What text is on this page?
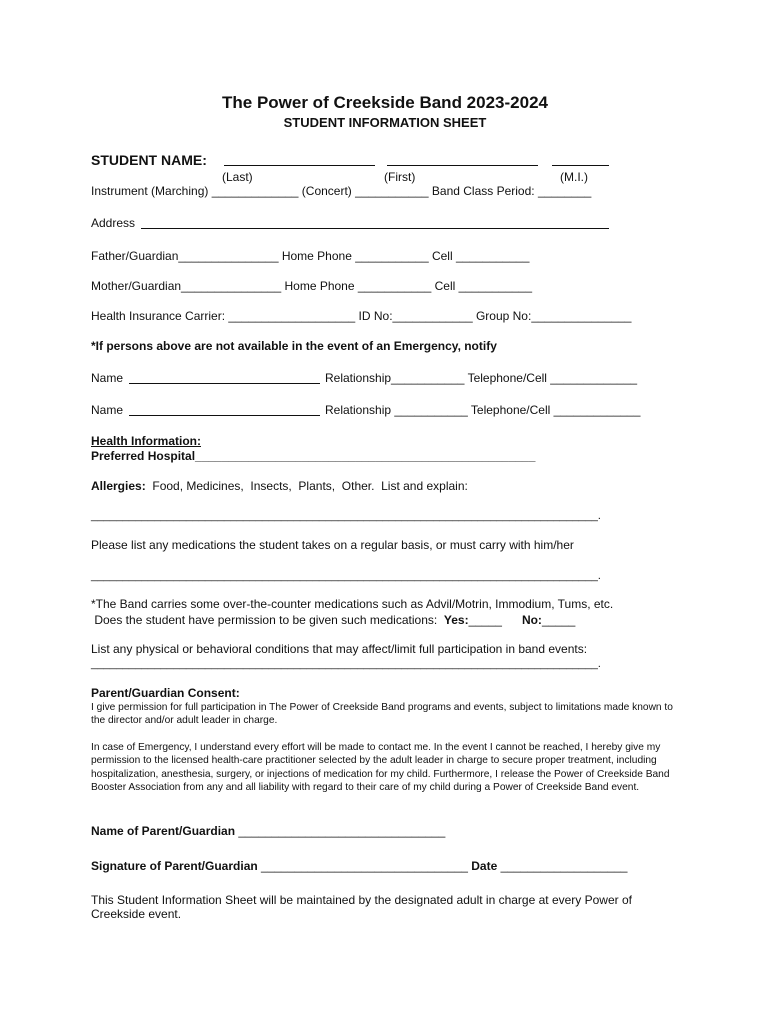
The Power of Creekside Band 2023-2024
STUDENT INFORMATION SHEET
STUDENT NAME:
(Last)	(First)	(M.I.)
Instrument (Marching) _____________ (Concert) ___________ Band Class Period: ________
Address
Father/Guardian_______________ Home Phone ___________ Cell ___________
Mother/Guardian_______________ Home Phone ___________ Cell ___________
Health Insurance Carrier: ___________________ ID No:____________ Group No:_______________
*If persons above are not available in the event of an Emergency, notify
Name	Relationship___________ Telephone/Cell _____________
Name	Relationship ___________ Telephone/Cell _____________
Health Information:
Preferred Hospital___________________________________________________
Allergies: Food, Medicines,  Insects,  Plants,  Other.  List and explain:
________________________________________________________________________________.
Please list any medications the student takes on a regular basis, or must carry with him/her
________________________________________________________________________________.
*The Band carries some over-the-counter medications such as Advil/Motrin, Immodium, Tums, etc.
Does the student have permission to be given such medications:  Yes:_____      No:_____
List any physical or behavioral conditions that may affect/limit full participation in band events:
________________________________________________________________________________.
Parent/Guardian Consent:
I give permission for full participation in The Power of Creekside Band programs and events, subject to limitations made known to the director and/or adult leader in charge.
In case of Emergency, I understand every effort will be made to contact me. In the event I cannot be reached, I hereby give my permission to the licensed health-care practitioner selected by the adult leader in charge to secure proper treatment, including hospitalization, anesthesia, surgery, or injections of medication for my child. Furthermore, I release the Power of Creekside Band Booster Association from any and all liability with regard to their care of my child during a Power of Creekside Band event.
Name of Parent/Guardian _______________________________
Signature of Parent/Guardian _______________________________ Date ___________________
This Student Information Sheet will be maintained by the designated adult in charge at every Power of Creekside event.
